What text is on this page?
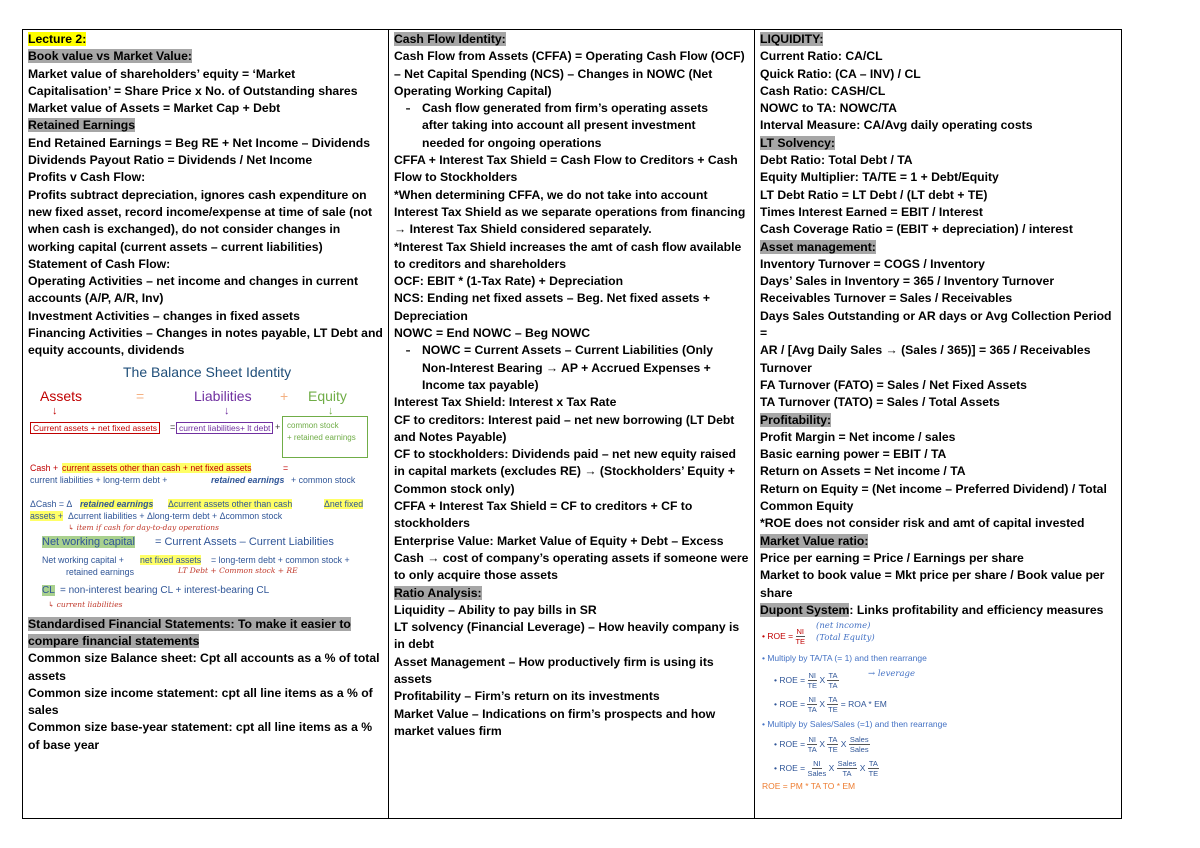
Lecture 2:

Book value vs Market Value:

Market value of shareholders’ equity = ‘Market

Capitalisation’ = Share Price x No. of Outstanding shares

Market value of Assets = Market Cap + Debt

Retained Earnings

End Retained Earnings = Beg RE + Net Income – Dividends

Dividends Payout Ratio = Dividends / Net Income

Profits v Cash Flow:

Profits subtract depreciation, ignores cash expenditure on

new fixed asset, record income/expense at time of sale (not

when cash is exchanged), do not consider changes in

working capital (current assets – current liabilities)

Statement of Cash Flow:

Operating Activities – net income and changes in current

accounts (A/P, A/R, Inv)

Investment Activities – changes in fixed assets

Financing Activities – Changes in notes payable, LT Debt and

equity accounts, dividends

The Balance Sheet Identity
Assets	=	Liabilities + Equity
↓	↓	↓
Current assets + net fixed assets	= current liabilities+ lt debt + common stock
+ retained earnings
Cash + current assets other than cash + net fixed assets	=
current liabilities + long-term debt +	retained earnings + common stock
ΔCash = Δ retained earnings Δcurrent assets other than cash	Δnet fixed
assets + Δcurrent liabilities + Δlong-term debt + Δcommon stock
↳ item if cash for day-to-day operations
Net working capital = Current Assets – Current Liabilities
Net working capital + net fixed assets = long-term debt + common stock +
retained earnings	LT Debt + Common stock + RE
CL = non-interest bearing CL + interest-bearing CL
↳ current liabilities

Standardised Financial Statements: To make it easier to

compare financial statements

Common size Balance sheet: Cpt all accounts as a % of total

assets

Common size income statement: cpt all line items as a % of

sales

Common size base-year statement: cpt all line items as a %

of base year

Cash Flow Identity:

Cash Flow from Assets (CFFA) = Operating Cash Flow (OCF)

– Net Capital Spending (NCS) – Changes in NOWC (Net

Operating Working Capital)

- Cash flow generated from firm’s operating assets

after taking into account all present investment

needed for ongoing operations

CFFA + Interest Tax Shield = Cash Flow to Creditors + Cash

Flow to Stockholders

*When determining CFFA, we do not take into account

Interest Tax Shield as we separate operations from financing

→ Interest Tax Shield considered separately.

*Interest Tax Shield increases the amt of cash flow available

to creditors and shareholders

OCF: EBIT * (1-Tax Rate) + Depreciation

NCS: Ending net fixed assets – Beg. Net fixed assets +

Depreciation

NOWC = End NOWC – Beg NOWC

- NOWC = Current Assets – Current Liabilities (Only

Non-Interest Bearing → AP + Accrued Expenses +

Income tax payable)

Interest Tax Shield: Interest x Tax Rate

CF to creditors: Interest paid – net new borrowing (LT Debt

and Notes Payable)

CF to stockholders: Dividends paid – net new equity raised

in capital markets (excludes RE) → (Stockholders’ Equity +

Common stock only)

CFFA + Interest Tax Shield = CF to creditors + CF to

stockholders

Enterprise Value: Market Value of Equity + Debt – Excess

Cash → cost of company’s operating assets if someone were

to only acquire those assets

Ratio Analysis:

Liquidity – Ability to pay bills in SR

LT solvency (Financial Leverage) – How heavily company is

in debt

Asset Management – How productively firm is using its

assets

Profitability – Firm’s return on its investments

Market Value – Indications on firm’s prospects and how

market values firm

LIQUIDITY:

Current Ratio: CA/CL

Quick Ratio: (CA – INV) / CL

Cash Ratio: CASH/CL

NOWC to TA: NOWC/TA

Interval Measure: CA/Avg daily operating costs

LT Solvency:

Debt Ratio: Total Debt / TA

Equity Multiplier: TA/TE = 1 + Debt/Equity

LT Debt Ratio = LT Debt / (LT debt + TE)

Times Interest Earned = EBIT / Interest

Cash Coverage Ratio = (EBIT + depreciation) / interest

Asset management:

Inventory Turnover = COGS / Inventory

Days’ Sales in Inventory = 365 / Inventory Turnover

Receivables Turnover = Sales / Receivables

Days Sales Outstanding or AR days or Avg Collection Period =

AR / [Avg Daily Sales → (Sales / 365)] = 365 / Receivables

Turnover

FA Turnover (FATO) = Sales / Net Fixed Assets

TA Turnover (TATO) = Sales / Total Assets

Profitability:

Profit Margin = Net income / sales

Basic earning power = EBIT / TA

Return on Assets = Net income / TA

Return on Equity = (Net income – Preferred Dividend) / Total

Common Equity

*ROE does not consider risk and amt of capital invested

Market Value ratio:

Price per earning = Price / Earnings per share

Market to book value = Mkt price per share / Book value per

share

Dupont System: Links profitability and efficiency measures

• ROE = $\frac{NI}{TE}$
(net income)
(Total Equity)
• Multiply by TA/TA (= 1) and then rearrange
• ROE = $\frac{NI}{TE}$ X $\frac{TA}{TA}$	→ leverage
• ROE = $\frac{NI}{TA}$ X $\frac{TA}{TE}$ = ROA * EM
• Multiply by Sales/Sales (=1) and then rearrange
• ROE = $\frac{NI}{TA}$ X $\frac{TA}{TE}$ X $\frac{\text{Sales}}{\text{Sales}}$
• ROE = $\frac{NI}{\text{Sales}}$ X $\frac{\text{Sales}}{TA}$ X $\frac{TA}{TE}$
ROE = PM * TA TO * EM
